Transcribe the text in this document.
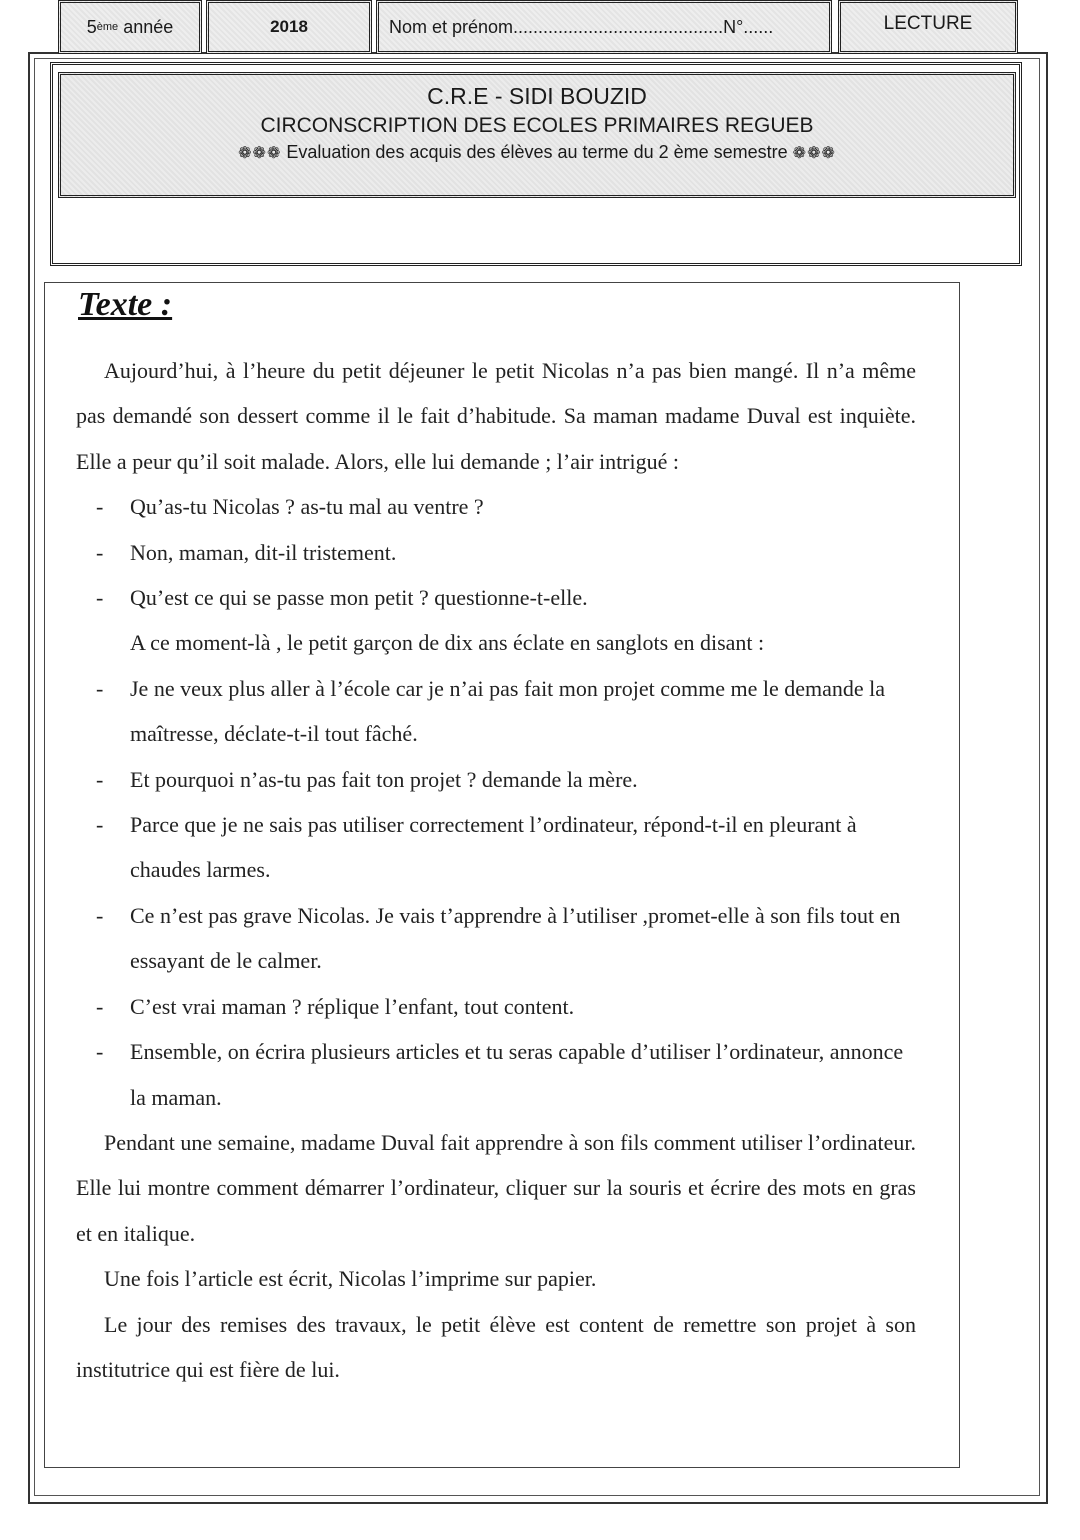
C.R.E - SIDI BOUZID
CIRCONSCRIPTION DES ECOLES PRIMAIRES REGUEB
❁❁❁ Evaluation des acquis des élèves au terme du 2 ème semestre ❁❁❁
5 ème
année	2018	Nom et prénom..........................................N°......	LECTURE
Texte :

Aujourd’hui, à l’heure du petit déjeuner le petit Nicolas n’a pas bien mangé. Il n’a même pas demandé son dessert comme il le fait d’habitude. Sa maman madame Duval est inquiète. Elle a peur qu’il soit malade. Alors, elle lui demande ; l’air intrigué :

- Qu’as-tu Nicolas ? as-tu mal au ventre ?

- Non, maman, dit-il tristement.

- Qu’est ce qui se passe mon petit ? questionne-t-elle.

A ce moment-là , le petit garçon de dix ans éclate en sanglots en disant :

- Je ne veux plus aller à l’école car je n’ai pas fait mon projet comme me le demande la maîtresse, déclate-t-il tout fâché.

- Et pourquoi n’as-tu pas fait ton projet ? demande la mère.

- Parce que je ne sais pas utiliser correctement l’ordinateur, répond-t-il en pleurant à chaudes larmes.

- Ce n’est pas grave Nicolas. Je vais t’apprendre à l’utiliser ,promet-elle à son fils tout en essayant de le calmer.

- C’est vrai maman ? réplique l’enfant, tout content.

- Ensemble, on écrira plusieurs articles et tu seras capable d’utiliser l’ordinateur, annonce la maman.

Pendant une semaine, madame Duval fait apprendre à son fils comment utiliser l’ordinateur. Elle lui montre comment démarrer l’ordinateur, cliquer sur la souris et écrire des mots en gras et en italique.

Une fois l’article est écrit, Nicolas l’imprime sur papier.

Le jour des remises des travaux, le petit élève est content de remettre son projet à son institutrice qui est fière de lui.
